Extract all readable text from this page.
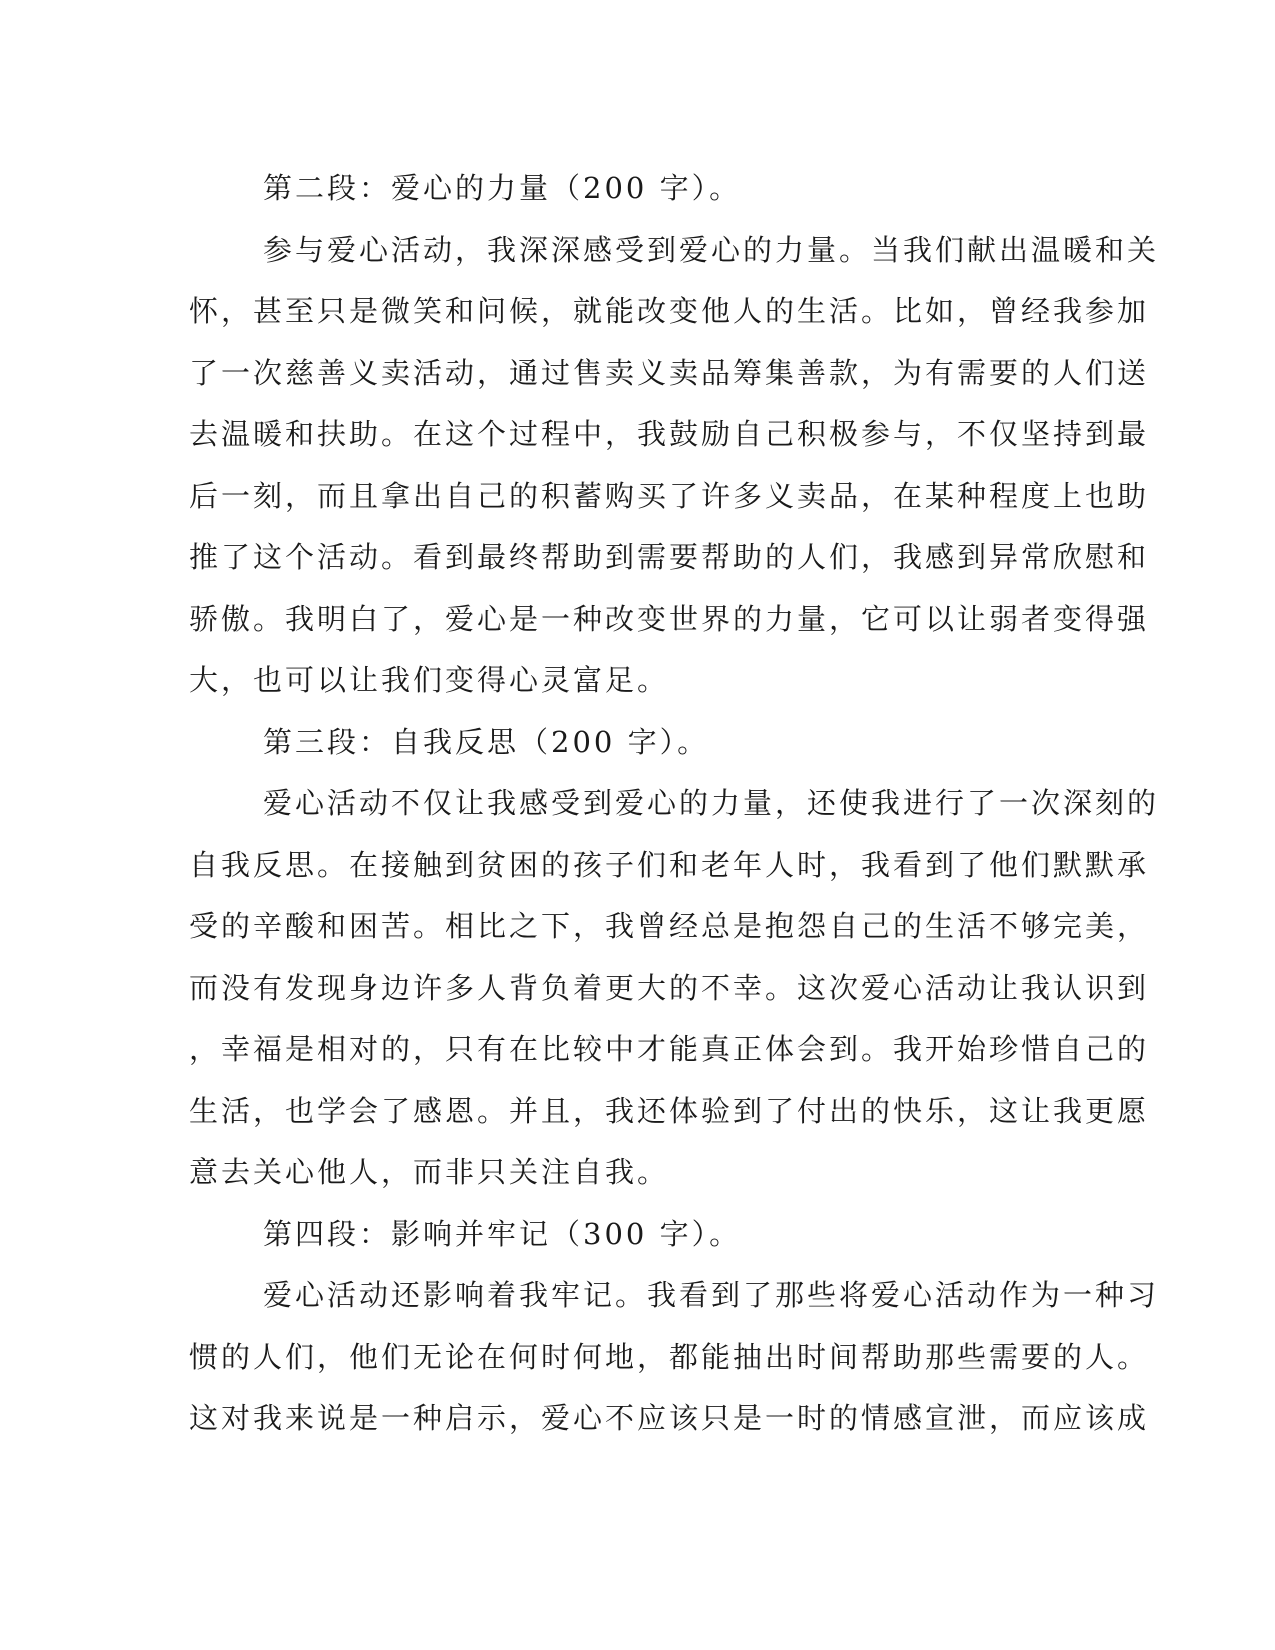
第二段：爱心的力量（200 字）。
参与爱心活动，我深深感受到爱心的力量。当我们献出温暖和关
怀，甚至只是微笑和问候，就能改变他人的生活。比如，曾经我参加
了一次慈善义卖活动，通过售卖义卖品筹集善款，为有需要的人们送
去温暖和扶助。在这个过程中，我鼓励自己积极参与，不仅坚持到最
后一刻，而且拿出自己的积蓄购买了许多义卖品，在某种程度上也助
推了这个活动。看到最终帮助到需要帮助的人们，我感到异常欣慰和
骄傲。我明白了，爱心是一种改变世界的力量，它可以让弱者变得强
大，也可以让我们变得心灵富足。
第三段：自我反思（200 字）。
爱心活动不仅让我感受到爱心的力量，还使我进行了一次深刻的
自我反思。在接触到贫困的孩子们和老年人时，我看到了他们默默承
受的辛酸和困苦。相比之下，我曾经总是抱怨自己的生活不够完美，
而没有发现身边许多人背负着更大的不幸。这次爱心活动让我认识到
，幸福是相对的，只有在比较中才能真正体会到。我开始珍惜自己的
生活，也学会了感恩。并且，我还体验到了付出的快乐，这让我更愿
意去关心他人，而非只关注自我。
第四段：影响并牢记（300 字）。
爱心活动还影响着我牢记。我看到了那些将爱心活动作为一种习
惯的人们，他们无论在何时何地，都能抽出时间帮助那些需要的人。
这对我来说是一种启示，爱心不应该只是一时的情感宣泄，而应该成
